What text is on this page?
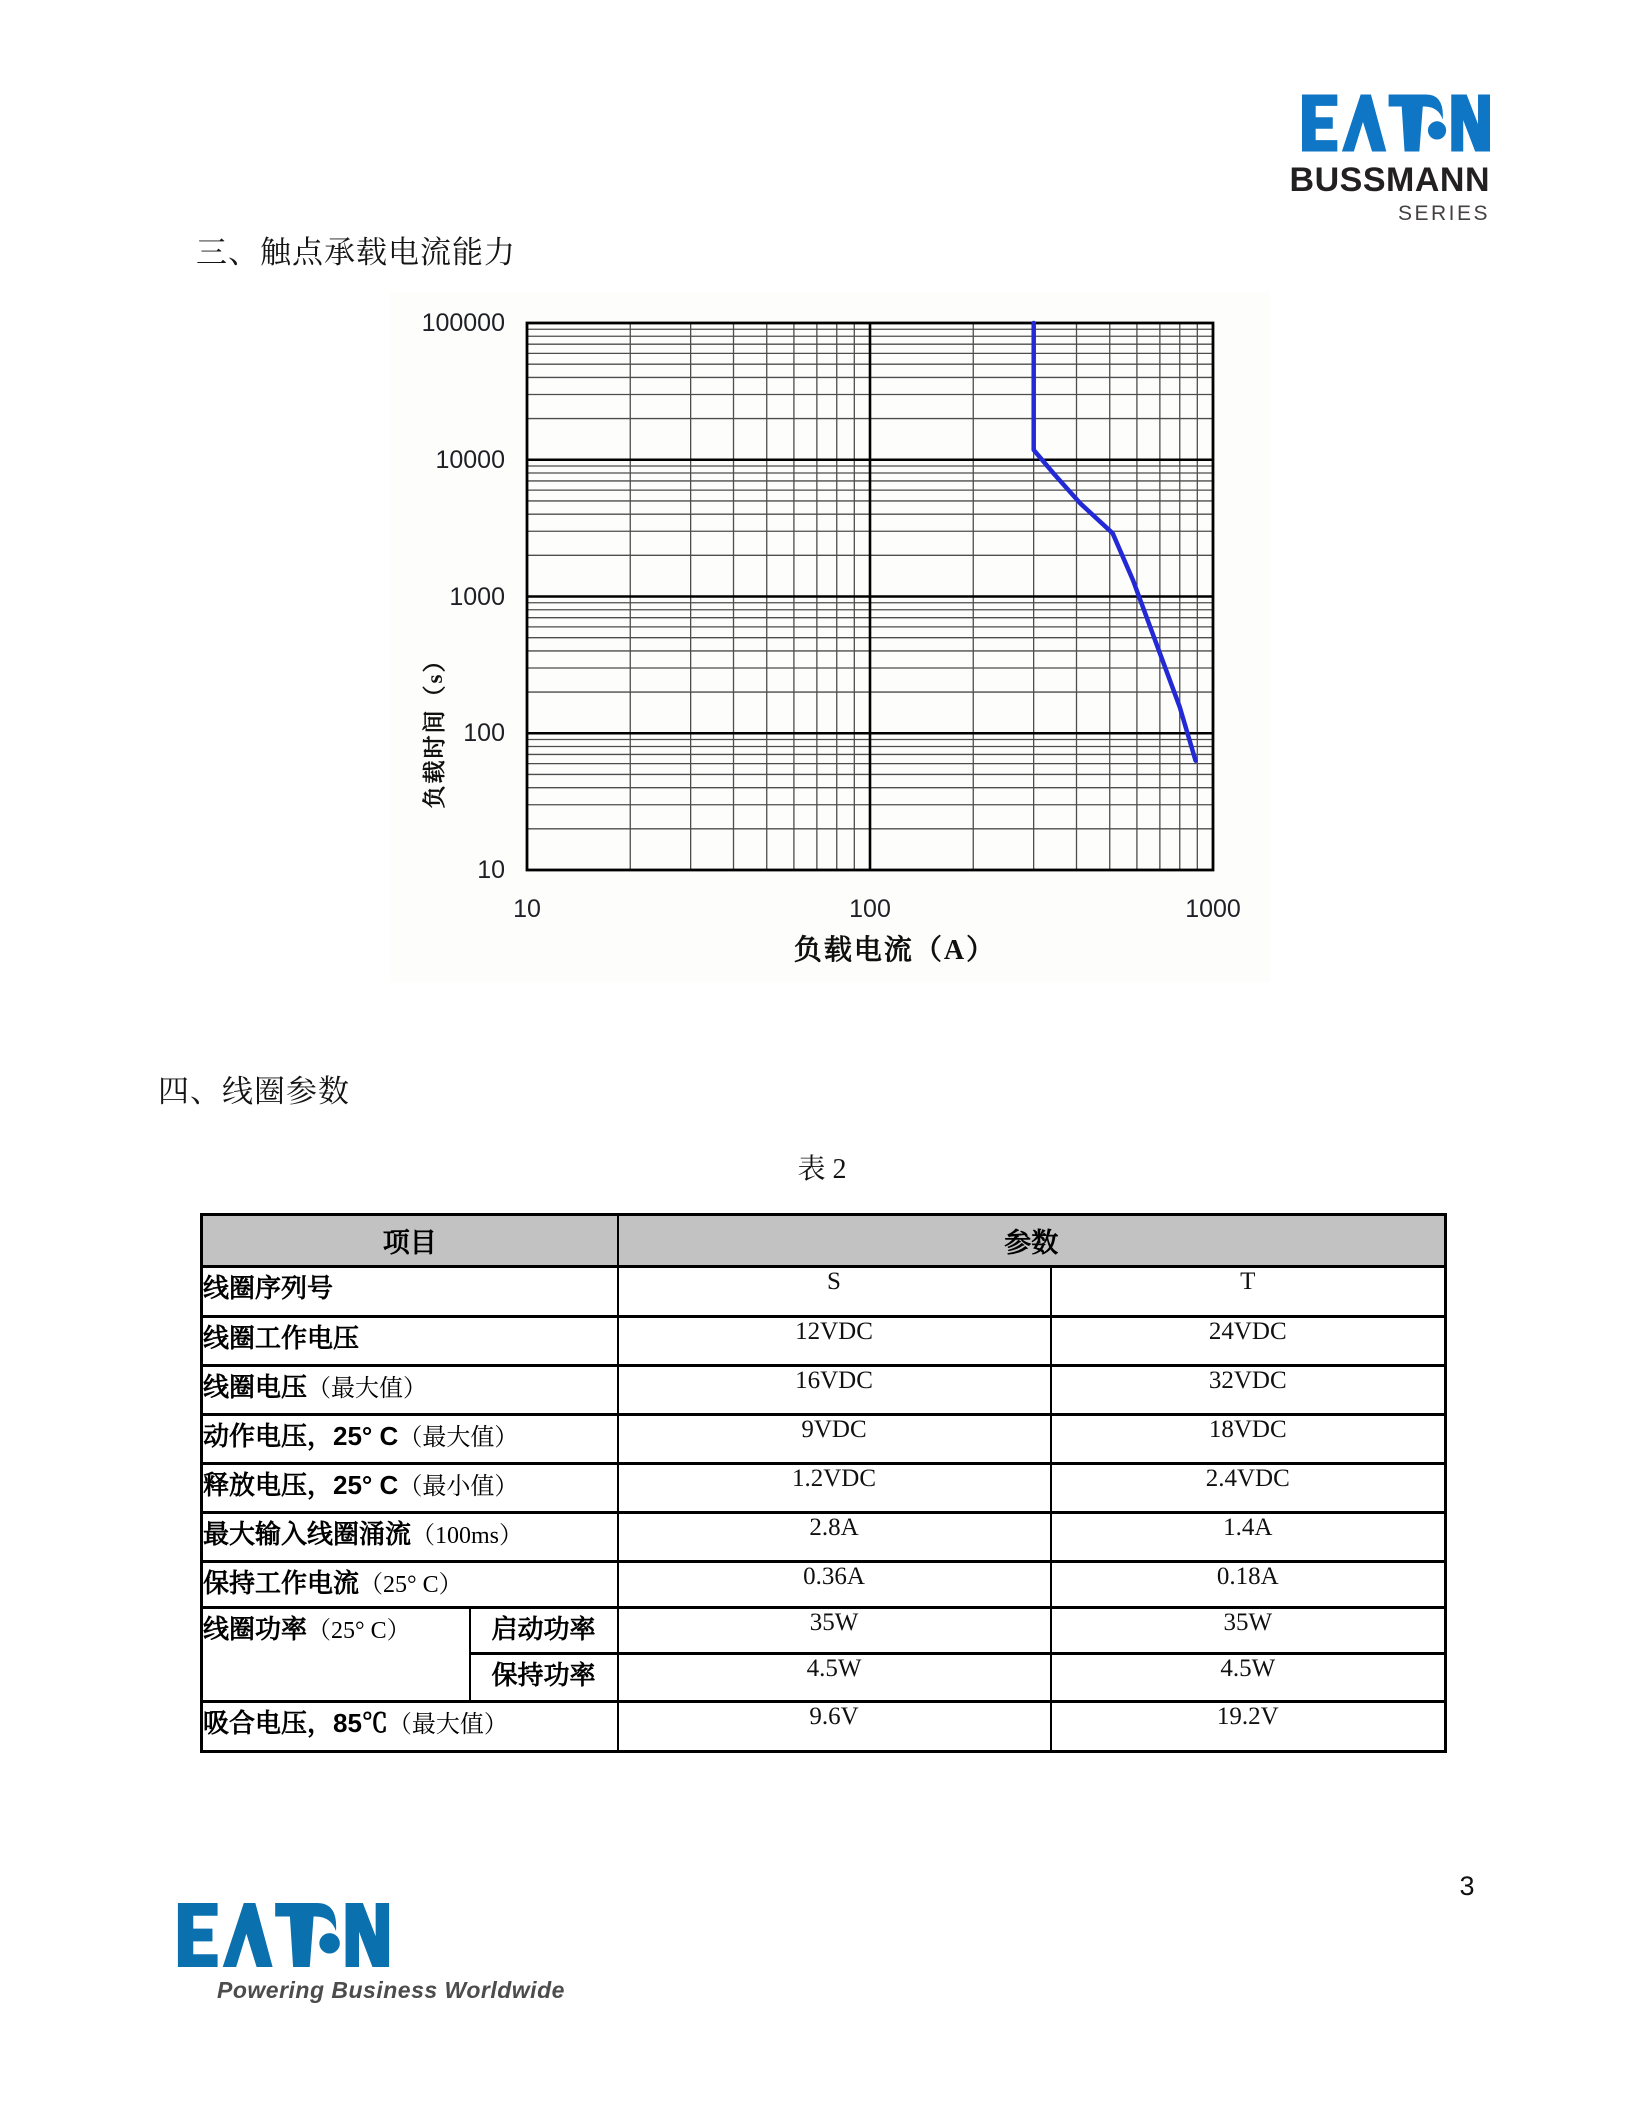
BUSSMANN
SERIES
三、触点承载电流能力
负载电流（A）
负载时间（s）
100000
10000
1000
100
10
10	100	1000
四、线圈参数
表 2
项目		参数	
线圈序列号		S	T
线圈工作电压		12VDC	24VDC
线圈电压（最大值）		16VDC	32VDC
动作电压，25° C（最大值）		9VDC	18VDC
释放电压，25° C（最小值）		1.2VDC	2.4VDC
最大输入线圈涌流（100ms）		2.8A	1.4A
保持工作电流（25° C）		0.36A	0.18A
线圈功率（25° C）	启动功率	35W	35W
	保持功率	4.5W	4.5W
吸合电压，85℃（最大值）		9.6V	19.2V
3
Powering Business Worldwide
